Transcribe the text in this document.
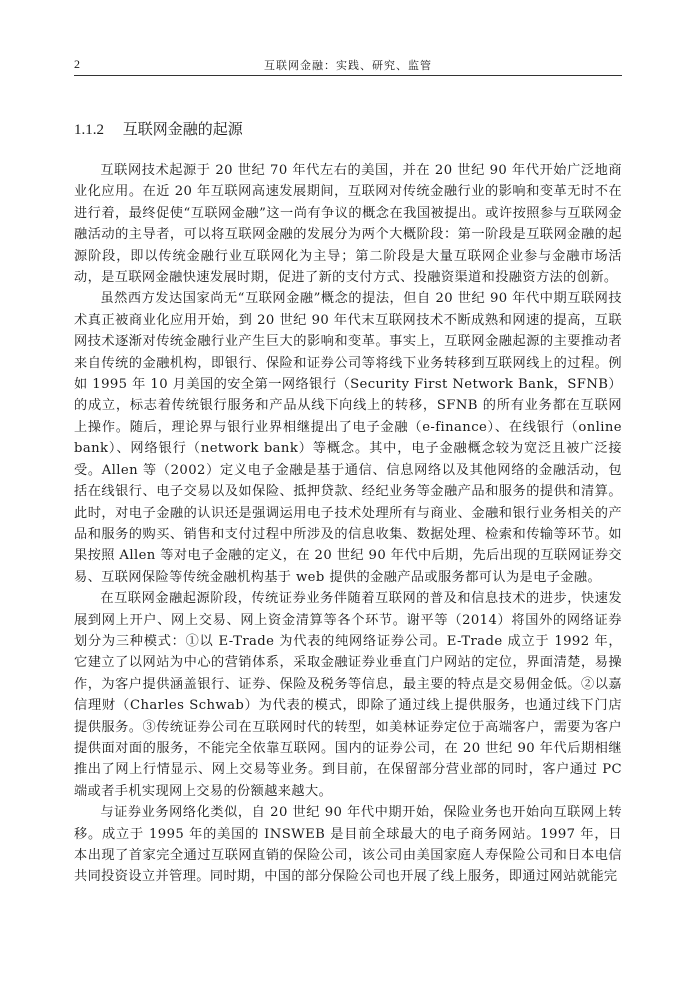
2	互联网金融：实践、研究、监管
1.1.2 互联网金融的起源

互联网技术起源于 20 世纪 70 年代左右的美国，并在 20 世纪 90 年代开始广泛地商业化应用。在近 20 年互联网高速发展期间，互联网对传统金融行业的影响和变革无时不在进行着，最终促使“互联网金融”这一尚有争议的概念在我国被提出。或许按照参与互联网金融活动的主导者，可以将互联网金融的发展分为两个大概阶段：第一阶段是互联网金融的起源阶段，即以传统金融行业互联网化为主导；第二阶段是大量互联网企业参与金融市场活动，是互联网金融快速发展时期，促进了新的支付方式、投融资渠道和投融资方法的创新。

虽然西方发达国家尚无“互联网金融”概念的提法，但自 20 世纪 90 年代中期互联网技术真正被商业化应用开始，到 20 世纪 90 年代末互联网技术不断成熟和网速的提高，互联网技术逐渐对传统金融行业产生巨大的影响和变革。事实上，互联网金融起源的主要推动者来自传统的金融机构，即银行、保险和证券公司等将线下业务转移到互联网线上的过程。例如 1995 年 10 月美国的安全第一网络银行（Security First Network Bank，SFNB）的成立，标志着传统银行服务和产品从线下向线上的转移，SFNB 的所有业务都在互联网上操作。随后，理论界与银行业界相继提出了电子金融（e-finance）、在线银行（online bank）、网络银行（network bank）等概念。其中，电子金融概念较为宽泛且被广泛接受。Allen 等（2002）定义电子金融是基于通信、信息网络以及其他网络的金融活动，包括在线银行、电子交易以及如保险、抵押贷款、经纪业务等金融产品和服务的提供和清算。此时，对电子金融的认识还是强调运用电子技术处理所有与商业、金融和银行业务相关的产品和服务的购买、销售和支付过程中所涉及的信息收集、数据处理、检索和传输等环节。如果按照 Allen 等对电子金融的定义，在 20 世纪 90 年代中后期，先后出现的互联网证券交易、互联网保险等传统金融机构基于 web 提供的金融产品或服务都可认为是电子金融。

在互联网金融起源阶段，传统证券业务伴随着互联网的普及和信息技术的进步，快速发展到网上开户、网上交易、网上资金清算等各个环节。谢平等（2014）将国外的网络证券划分为三种模式：①以 E-Trade 为代表的纯网络证券公司。E-Trade 成立于 1992 年，它建立了以网站为中心的营销体系，采取金融证券业垂直门户网站的定位，界面清楚，易操作，为客户提供涵盖银行、证券、保险及税务等信息，最主要的特点是交易佣金低。②以嘉信理财（Charles Schwab）为代表的模式，即除了通过线上提供服务，也通过线下门店提供服务。③传统证券公司在互联网时代的转型，如美林证券定位于高端客户，需要为客户提供面对面的服务，不能完全依靠互联网。国内的证券公司，在 20 世纪 90 年代后期相继推出了网上行情显示、网上交易等业务。到目前，在保留部分营业部的同时，客户通过 PC 端或者手机实现网上交易的份额越来越大。

与证券业务网络化类似，自 20 世纪 90 年代中期开始，保险业务也开始向互联网上转移。成立于 1995 年的美国的 INSWEB 是目前全球最大的电子商务网站。1997 年，日本出现了首家完全通过互联网直销的保险公司，该公司由美国家庭人寿保险公司和日本电信共同投资设立并管理。同时期，中国的部分保险公司也开展了线上服务，即通过网站就能完
